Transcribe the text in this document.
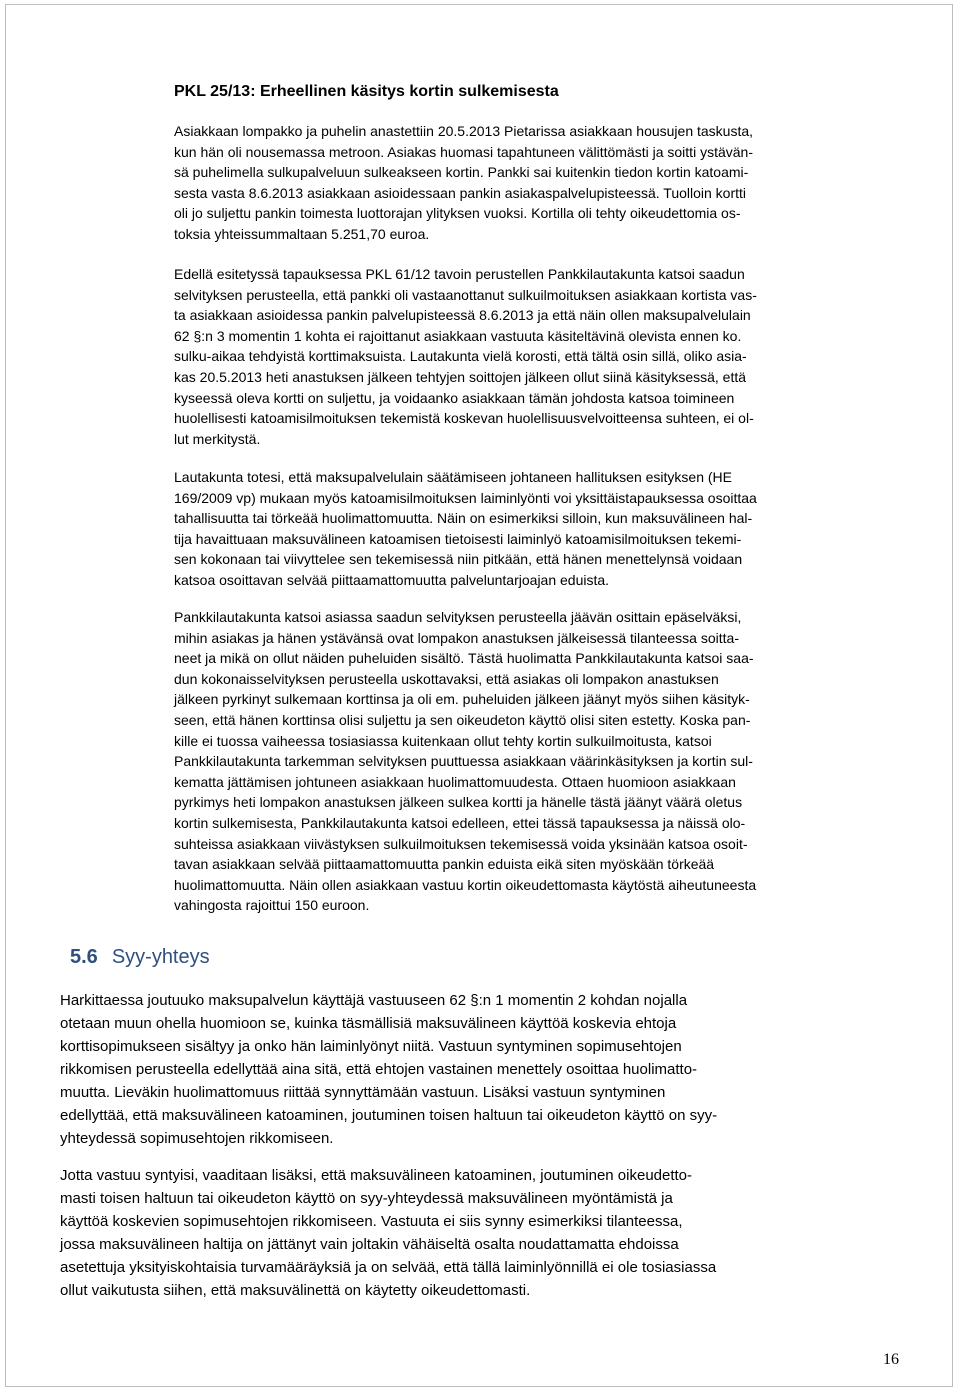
PKL 25/13: Erheellinen käsitys kortin sulkemisesta
Asiakkaan lompakko ja puhelin anastettiin 20.5.2013 Pietarissa asiakkaan housujen taskusta,
kun hän oli nousemassa metroon. Asiakas huomasi tapahtuneen välittömästi ja soitti ystävän-
sä puhelimella sulkupalveluun sulkeakseen kortin. Pankki sai kuitenkin tiedon kortin katoami-
sesta vasta 8.6.2013 asiakkaan asioidessaan pankin asiakaspalvelupisteessä. Tuolloin kortti
oli jo suljettu pankin toimesta luottorajan ylityksen vuoksi. Kortilla oli tehty oikeudettomia os-
toksia yhteissummaltaan 5.251,70 euroa.
Edellä esitetyssä tapauksessa PKL 61/12 tavoin perustellen Pankkilautakunta katsoi saadun
selvityksen perusteella, että pankki oli vastaanottanut sulkuilmoituksen asiakkaan kortista vas-
ta asiakkaan asioidessa pankin palvelupisteessä 8.6.2013 ja että näin ollen maksupalvelulain
62 §:n 3 momentin 1 kohta ei rajoittanut asiakkaan vastuuta käsiteltävinä olevista ennen ko.
sulku-aikaa tehdyistä korttimaksuista. Lautakunta vielä korosti, että tältä osin sillä, oliko asia-
kas 20.5.2013 heti anastuksen jälkeen tehtyjen soittojen jälkeen ollut siinä käsityksessä, että
kyseessä oleva kortti on suljettu, ja voidaanko asiakkaan tämän johdosta katsoa toimineen
huolellisesti katoamisilmoituksen tekemistä koskevan huolellisuusvelvoitteensa suhteen, ei ol-
lut merkitystä.
Lautakunta totesi, että maksupalvelulain säätämiseen johtaneen hallituksen esityksen (HE
169/2009 vp) mukaan myös katoamisilmoituksen laiminlyönti voi yksittäistapauksessa osoittaa
tahallisuutta tai törkeää huolimattomuutta. Näin on esimerkiksi silloin, kun maksuvälineen hal-
tija havaittuaan maksuvälineen katoamisen tietoisesti laiminlyö katoamisilmoituksen tekemi-
sen kokonaan tai viivyttelee sen tekemisessä niin pitkään, että hänen menettelynsä voidaan
katsoa osoittavan selvää piittaamattomuutta palveluntarjoajan eduista.
Pankkilautakunta katsoi asiassa saadun selvityksen perusteella jäävän osittain epäselväksi,
mihin asiakas ja hänen ystävänsä ovat lompakon anastuksen jälkeisessä tilanteessa soitta-
neet ja mikä on ollut näiden puheluiden sisältö. Tästä huolimatta Pankkilautakunta katsoi saa-
dun kokonaisselvityksen perusteella uskottavaksi, että asiakas oli lompakon anastuksen
jälkeen pyrkinyt sulkemaan korttinsa ja oli em. puheluiden jälkeen jäänyt myös siihen käsityk-
seen, että hänen korttinsa olisi suljettu ja sen oikeudeton käyttö olisi siten estetty. Koska pan-
kille ei tuossa vaiheessa tosiasiassa kuitenkaan ollut tehty kortin sulkuilmoitusta, katsoi
Pankkilautakunta tarkemman selvityksen puuttuessa asiakkaan väärinkäsityksen ja kortin sul-
kematta jättämisen johtuneen asiakkaan huolimattomuudesta. Ottaen huomioon asiakkaan
pyrkimys heti lompakon anastuksen jälkeen sulkea kortti ja hänelle tästä jäänyt väärä oletus
kortin sulkemisesta, Pankkilautakunta katsoi edelleen, ettei tässä tapauksessa ja näissä olo-
suhteissa asiakkaan viivästyksen sulkuilmoituksen tekemisessä voida yksinään katsoa osoit-
tavan asiakkaan selvää piittaamattomuutta pankin eduista eikä siten myöskään törkeää
huolimattomuutta. Näin ollen asiakkaan vastuu kortin oikeudettomasta käytöstä aiheutuneesta
vahingosta rajoittui 150 euroon.
5.6 Syy-yhteys
Harkittaessa joutuuko maksupalvelun käyttäjä vastuuseen 62 §:n 1 momentin 2 kohdan nojalla
otetaan muun ohella huomioon se, kuinka täsmällisiä maksuvälineen käyttöä koskevia ehtoja
korttisopimukseen sisältyy ja onko hän laiminlyönyt niitä. Vastuun syntyminen sopimusehtojen
rikkomisen perusteella edellyttää aina sitä, että ehtojen vastainen menettely osoittaa huolimatto-
muutta. Lieväkin huolimattomuus riittää synnyttämään vastuun. Lisäksi vastuun syntyminen
edellyttää, että maksuvälineen katoaminen, joutuminen toisen haltuun tai oikeudeton käyttö on syy-
yhteydessä sopimusehtojen rikkomiseen.
Jotta vastuu syntyisi, vaaditaan lisäksi, että maksuvälineen katoaminen, joutuminen oikeudetto-
masti toisen haltuun tai oikeudeton käyttö on syy-yhteydessä maksuvälineen myöntämistä ja
käyttöä koskevien sopimusehtojen rikkomiseen. Vastuuta ei siis synny esimerkiksi tilanteessa,
jossa maksuvälineen haltija on jättänyt vain joltakin vähäiseltä osalta noudattamatta ehdoissa
asetettuja yksityiskohtaisia turvamääräyksiä ja on selvää, että tällä laiminlyönnillä ei ole tosiasiassa
ollut vaikutusta siihen, että maksuvälinettä on käytetty oikeudettomasti.
16
